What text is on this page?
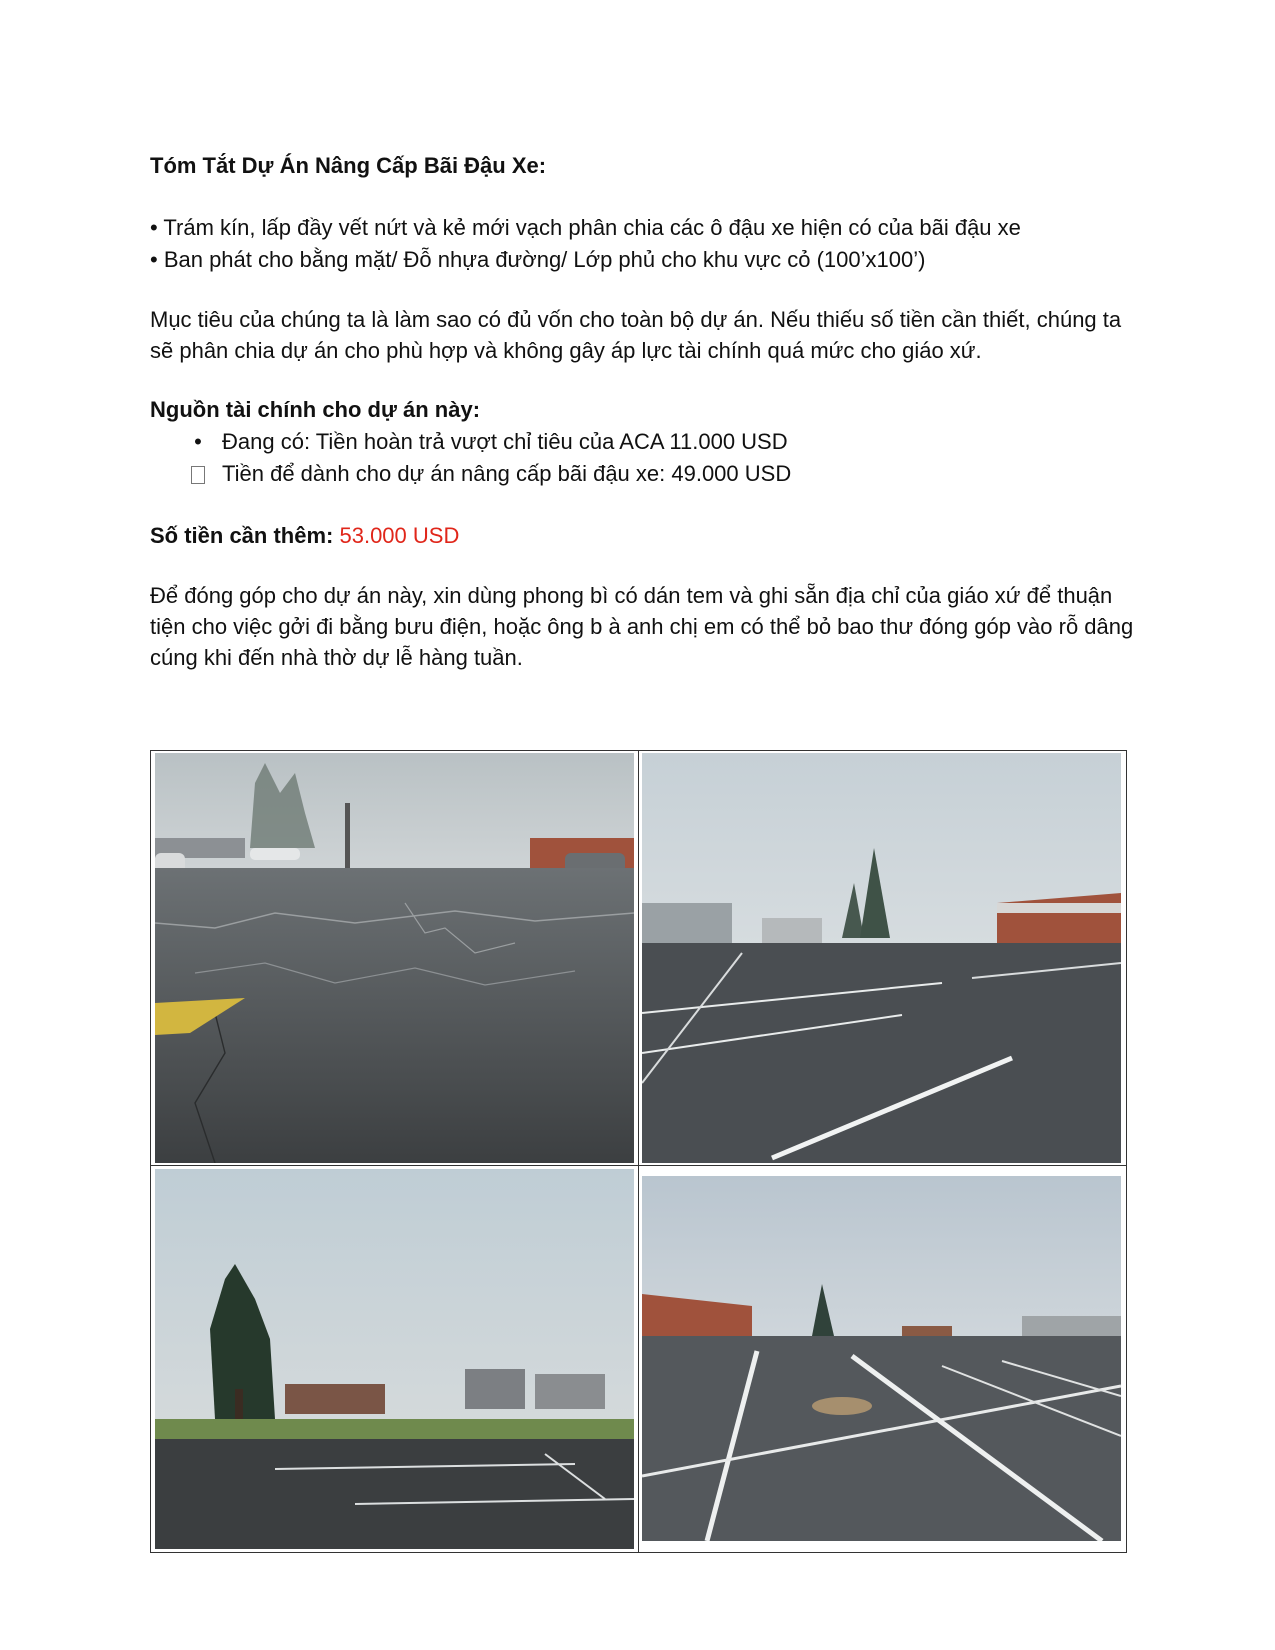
Tóm Tắt Dự Án Nâng Cấp Bãi Đậu Xe:
• Trám kín, lấp đầy vết nứt và kẻ mới vạch phân chia các ô đậu xe hiện có của bãi đậu xe
• Ban phát cho bằng mặt/ Đỗ nhựa đường/ Lớp phủ cho khu vực cỏ (100’x100’)
Mục tiêu của chúng ta là làm sao có đủ vốn cho toàn bộ dự án. Nếu thiếu số tiền cần thiết, chúng ta sẽ phân chia dự án cho phù hợp và không gây áp lực tài chính quá mức cho giáo xứ.
Nguồn tài chính cho dự án này:
• Đang có: Tiền hoàn trả vượt chỉ tiêu của ACA 11.000 USD
Tiền để dành cho dự án nâng cấp bãi đậu xe: 49.000 USD
Số tiền cần thêm: 53.000 USD
Để đóng góp cho dự án này, xin dùng phong bì có dán tem và ghi sẵn địa chỉ của giáo xứ để thuận tiện cho việc gởi đi bằng bưu điện, hoặc ông b à anh chị em có thể bỏ bao thư đóng góp vào rỗ dâng cúng khi đến nhà thờ dự lễ hàng tuần.
